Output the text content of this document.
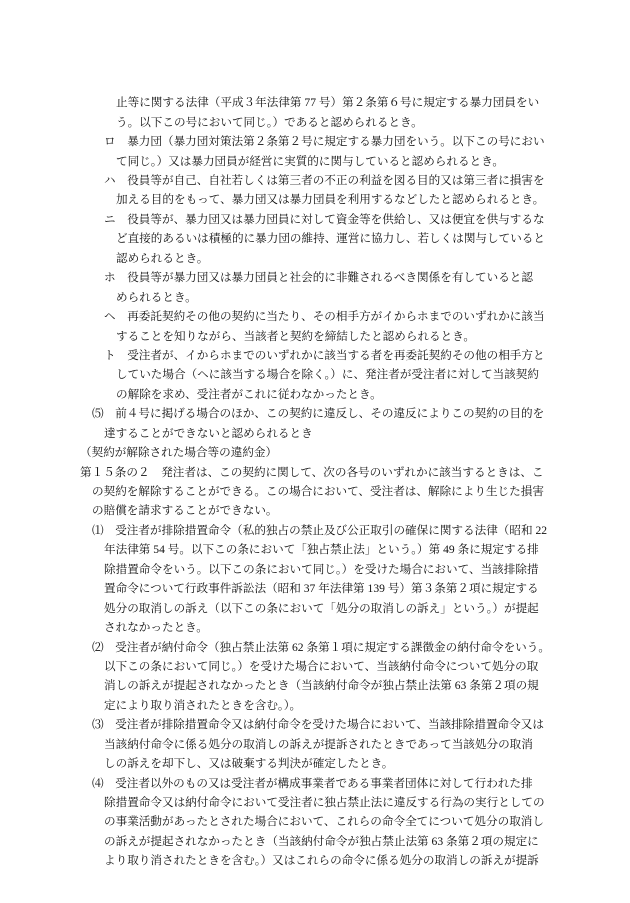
止等に関する法律（平成３年法律第 77 号）第２条第６号に規定する暴力団員をい
う。以下この号において同じ。）であると認められるとき。
ロ 暴力団（暴力団対策法第２条第２号に規定する暴力団をいう。以下この号におい
て同じ。）又は暴力団員が経営に実質的に関与していると認められるとき。
ハ 役員等が自己、自社若しくは第三者の不正の利益を図る目的又は第三者に損害を
加える目的をもって、暴力団又は暴力団員を利用するなどしたと認められるとき。
ニ 役員等が、暴力団又は暴力団員に対して資金等を供給し、又は便宜を供与するな
ど直接的あるいは積極的に暴力団の維持、運営に協力し、若しくは関与していると
認められるとき。
ホ 役員等が暴力団又は暴力団員と社会的に非難されるべき関係を有していると認
められるとき。
ヘ 再委託契約その他の契約に当たり、その相手方がイからホまでのいずれかに該当
することを知りながら、当該者と契約を締結したと認められるとき。
ト 受注者が、イからホまでのいずれかに該当する者を再委託契約その他の相手方と
していた場合（ヘに該当する場合を除く。）に、発注者が受注者に対して当該契約
の解除を求め、受注者がこれに従わなかったとき。
⑸ 前４号に掲げる場合のほか、この契約に違反し、その違反によりこの契約の目的を
達することができないと認められるとき
（契約が解除された場合等の違約金）
第１５条の２ 発注者は、この契約に関して、次の各号のいずれかに該当するときは、こ
の契約を解除することができる。この場合において、受注者は、解除により生じた損害
の賠償を請求することができない。
⑴ 受注者が排除措置命令（私的独占の禁止及び公正取引の確保に関する法律（昭和 22
年法律第 54 号。以下この条において「独占禁止法」という。）第 49 条に規定する排
除措置命令をいう。以下この条において同じ。）を受けた場合において、当該排除措
置命令について行政事件訴訟法（昭和 37 年法律第 139 号）第３条第２項に規定する
処分の取消しの訴え（以下この条において「処分の取消しの訴え」という。）が提起
されなかったとき。
⑵ 受注者が納付命令（独占禁止法第 62 条第１項に規定する課徴金の納付命令をいう。
以下この条において同じ。）を受けた場合において、当該納付命令について処分の取
消しの訴えが提起されなかったとき（当該納付命令が独占禁止法第 63 条第２項の規
定により取り消されたときを含む。）。
⑶ 受注者が排除措置命令又は納付命令を受けた場合において、当該排除措置命令又は
当該納付命令に係る処分の取消しの訴えが提訴されたときであって当該処分の取消
しの訴えを却下し、又は破棄する判決が確定したとき。
⑷ 受注者以外のもの又は受注者が構成事業者である事業者団体に対して行われた排
除措置命令又は納付命令において受注者に独占禁止法に違反する行為の実行としての
の事業活動があったとされた場合において、これらの命令全てについて処分の取消し
の訴えが提起されなかったとき（当該納付命令が独占禁止法第 63 条第２項の規定に
より取り消されたときを含む。）又はこれらの命令に係る処分の取消しの訴えが提訴
